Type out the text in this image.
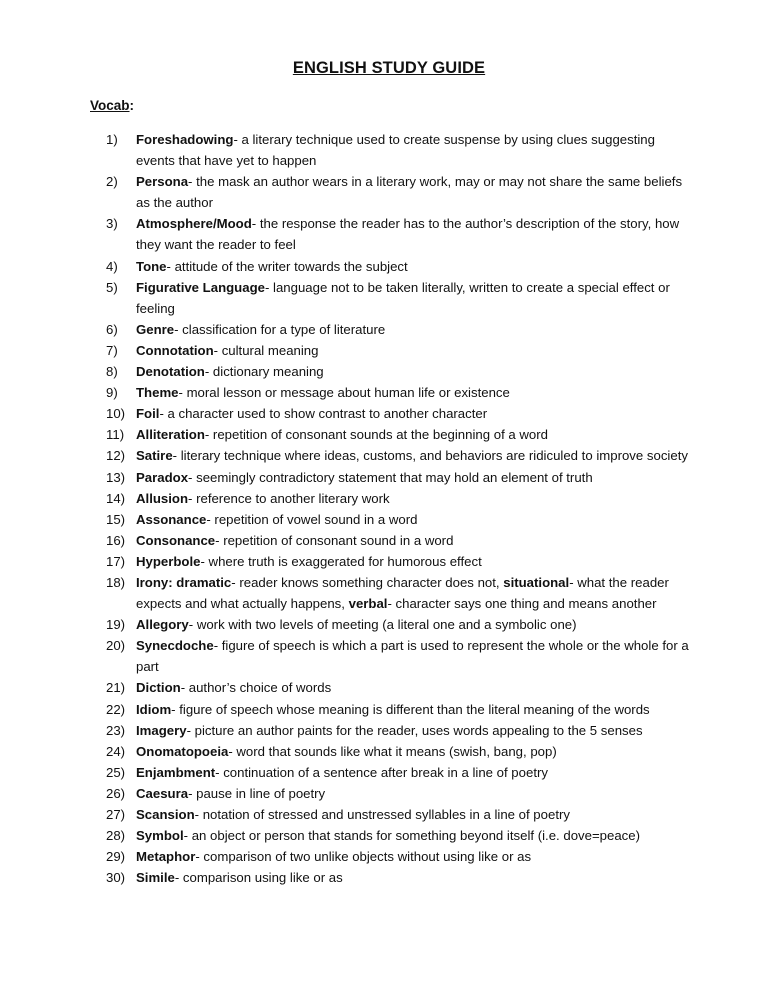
ENGLISH STUDY GUIDE
Vocab:
1)	Foreshadowing- a literary technique used to create suspense by using clues suggesting events that have yet to happen
2)	Persona- the mask an author wears in a literary work, may or may not share the same beliefs as the author
3)	Atmosphere/Mood- the response the reader has to the author’s description of the story, how they want the reader to feel
4)	Tone- attitude of the writer towards the subject
5)	Figurative Language- language not to be taken literally, written to create a special effect or feeling
6)	Genre- classification for a type of literature
7)	Connotation- cultural meaning
8)	Denotation- dictionary meaning
9)	Theme- moral lesson or message about human life or existence
10) Foil- a character used to show contrast to another character
11) Alliteration- repetition of consonant sounds at the beginning of a word
12) Satire- literary technique where ideas, customs, and behaviors are ridiculed to improve society
13) Paradox- seemingly contradictory statement that may hold an element of truth
14) Allusion- reference to another literary work
15) Assonance- repetition of vowel sound in a word
16) Consonance- repetition of consonant sound in a word
17) Hyperbole- where truth is exaggerated for humorous effect
18) Irony: dramatic- reader knows something character does not, situational- what the reader expects and what actually happens, verbal- character says one thing and means another
19) Allegory- work with two levels of meeting (a literal one and a symbolic one)
20) Synecdoche- figure of speech is which a part is used to represent the whole or the whole for a part
21) Diction- author’s choice of words
22) Idiom- figure of speech whose meaning is different than the literal meaning of the words
23) Imagery- picture an author paints for the reader, uses words appealing to the 5 senses
24) Onomatopoeia- word that sounds like what it means (swish, bang, pop)
25) Enjambment- continuation of a sentence after break in a line of poetry
26) Caesura- pause in line of poetry
27) Scansion- notation of stressed and unstressed syllables in a line of poetry
28) Symbol- an object or person that stands for something beyond itself (i.e. dove=peace)
29) Metaphor- comparison of two unlike objects without using like or as
30) Simile- comparison using like or as
